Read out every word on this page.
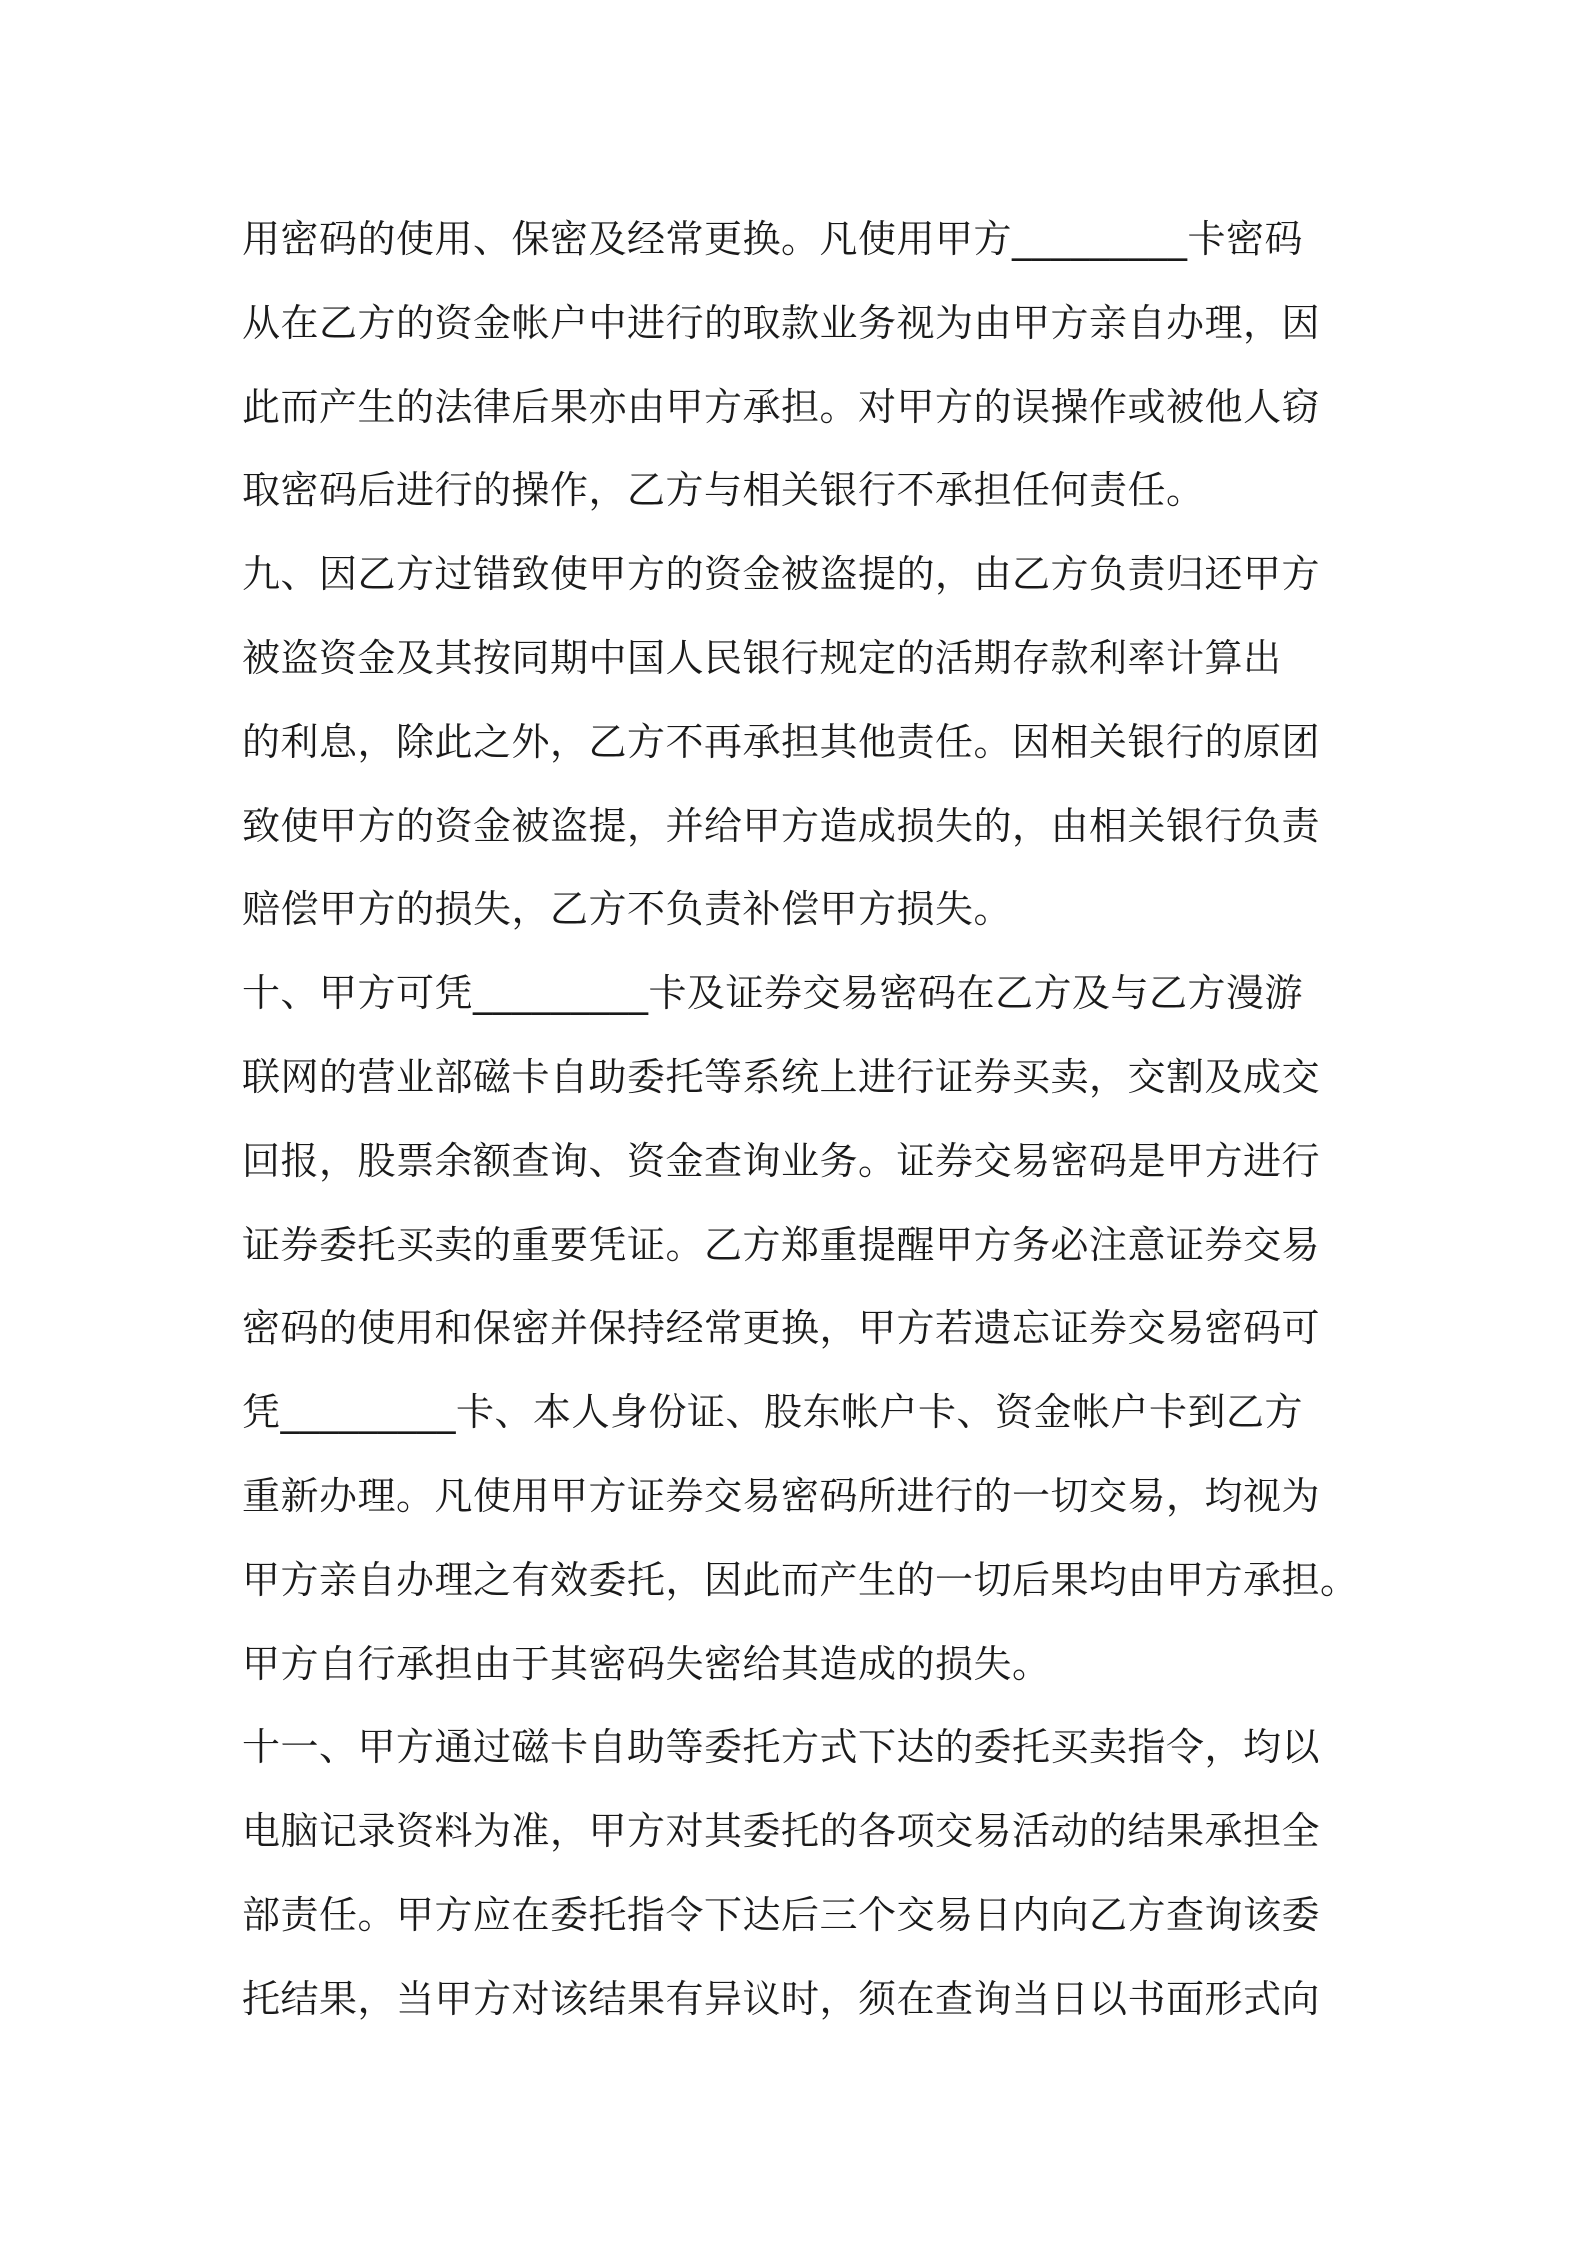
用密码的使用、保密及经常更换。凡使用甲方_________卡密码
从在乙方的资金帐户中进行的取款业务视为由甲方亲自办理，因
此而产生的法律后果亦由甲方承担。对甲方的误操作或被他人窃
取密码后进行的操作，乙方与相关银行不承担任何责任。
九、因乙方过错致使甲方的资金被盗提的，由乙方负责归还甲方
被盗资金及其按同期中国人民银行规定的活期存款利率计算出
的利息，除此之外，乙方不再承担其他责任。因相关银行的原团
致使甲方的资金被盗提，并给甲方造成损失的，由相关银行负责
赔偿甲方的损失，乙方不负责补偿甲方损失。
十、甲方可凭_________卡及证券交易密码在乙方及与乙方漫游
联网的营业部磁卡自助委托等系统上进行证券买卖，交割及成交
回报，股票余额查询、资金查询业务。证券交易密码是甲方进行
证券委托买卖的重要凭证。乙方郑重提醒甲方务必注意证券交易
密码的使用和保密并保持经常更换，甲方若遗忘证券交易密码可
凭_________卡、本人身份证、股东帐户卡、资金帐户卡到乙方
重新办理。凡使用甲方证券交易密码所进行的一切交易，均视为
甲方亲自办理之有效委托，因此而产生的一切后果均由甲方承担。
甲方自行承担由于其密码失密给其造成的损失。
十一、甲方通过磁卡自助等委托方式下达的委托买卖指令，均以
电脑记录资料为准，甲方对其委托的各项交易活动的结果承担全
部责任。甲方应在委托指令下达后三个交易日内向乙方查询该委
托结果，当甲方对该结果有异议时，须在查询当日以书面形式向
